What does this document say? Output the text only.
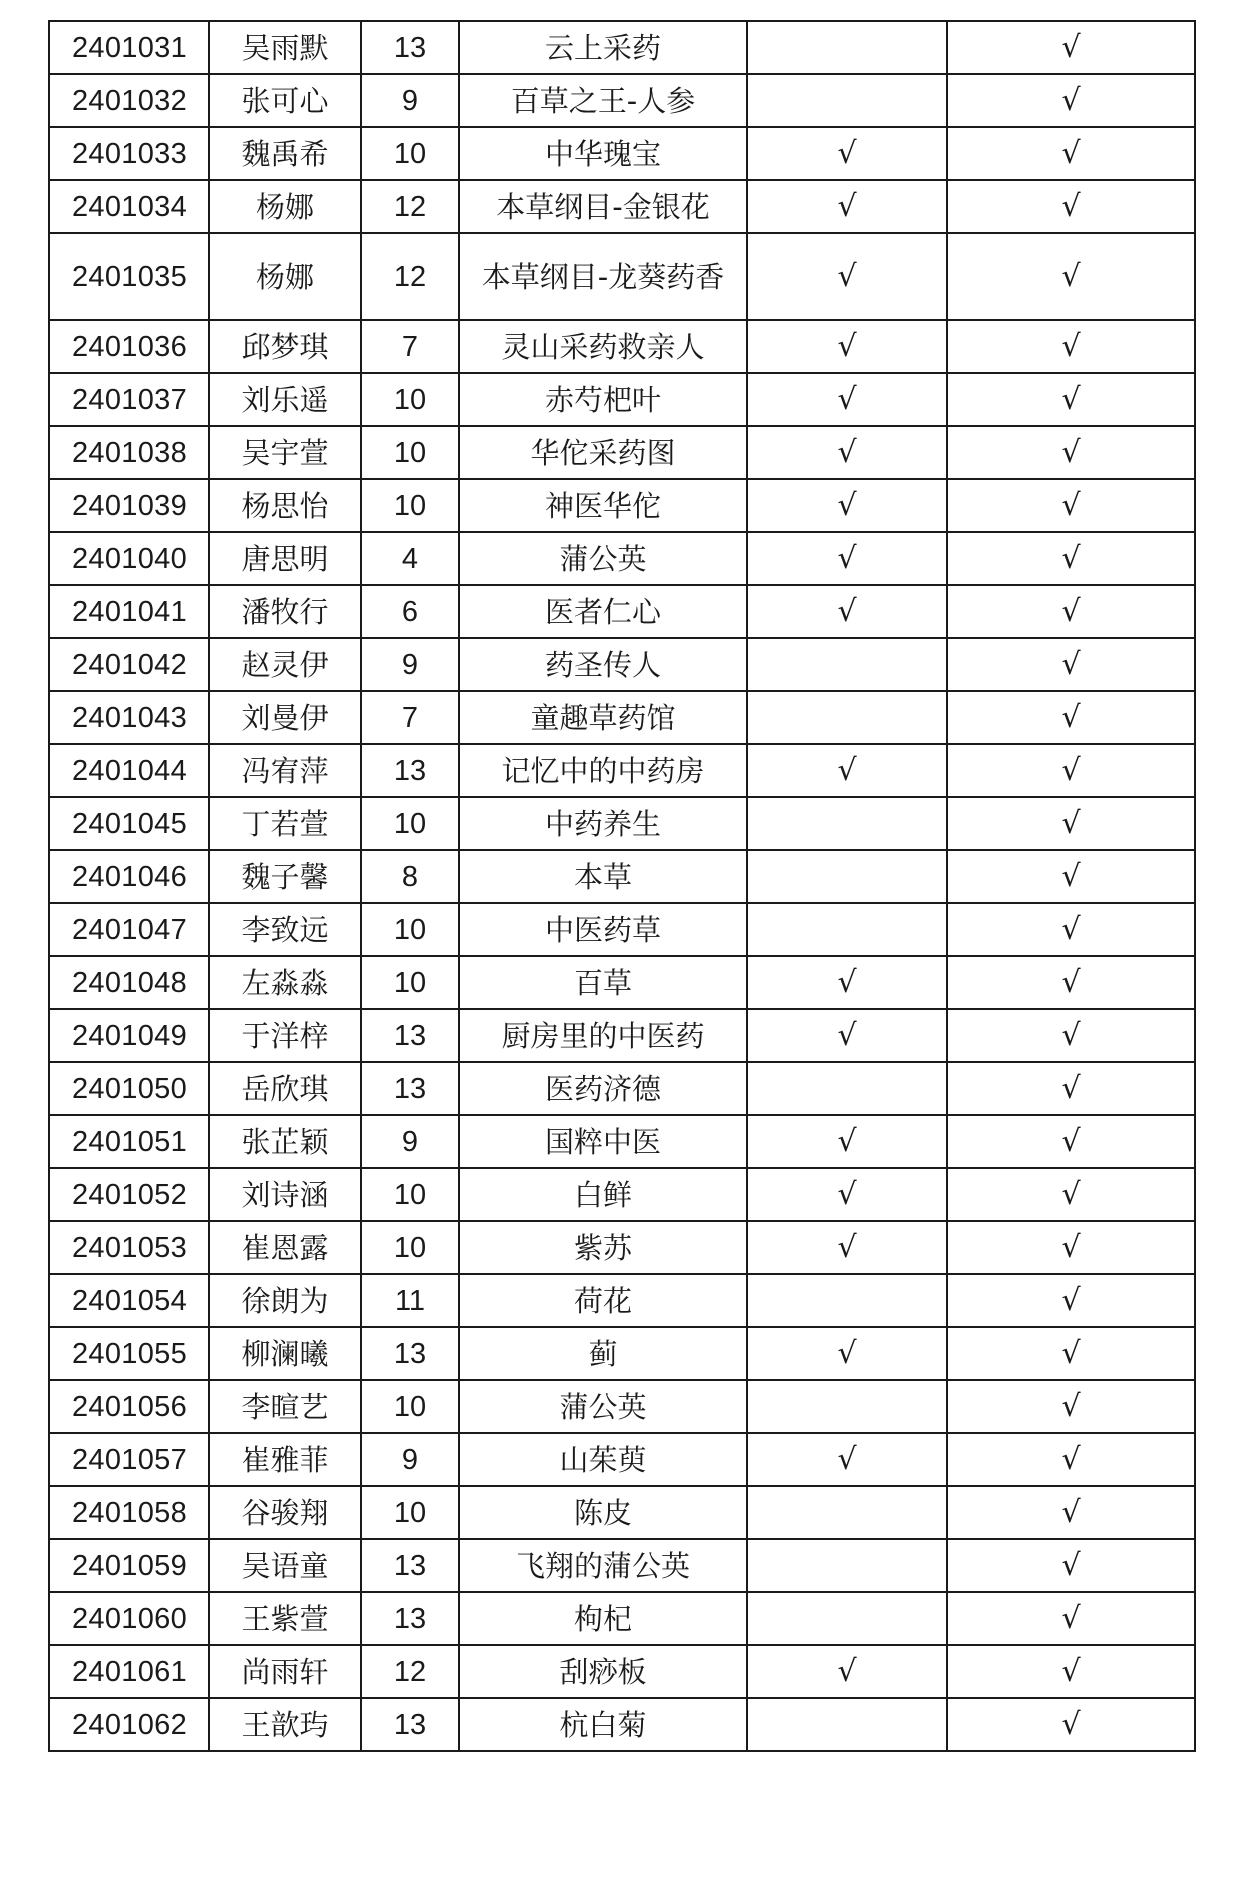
2401031	吴雨默	13	云上采药		√
2401032	张可心	9	百草之王-人参		√
2401033	魏禹希	10	中华瑰宝	√	√
2401034	杨娜	12	本草纲目-金银花	√	√
2401035	杨娜	12	本草纲目-龙葵药香	√	√
2401036	邱梦琪	7	灵山采药救亲人	√	√
2401037	刘乐遥	10	赤芍杷叶	√	√
2401038	吴宇萱	10	华佗采药图	√	√
2401039	杨思怡	10	神医华佗	√	√
2401040	唐思明	4	蒲公英	√	√
2401041	潘牧行	6	医者仁心	√	√
2401042	赵灵伊	9	药圣传人		√
2401043	刘曼伊	7	童趣草药馆		√
2401044	冯宥萍	13	记忆中的中药房	√	√
2401045	丁若萱	10	中药养生		√
2401046	魏子馨	8	本草		√
2401047	李致远	10	中医药草		√
2401048	左淼淼	10	百草	√	√
2401049	于洋梓	13	厨房里的中医药	√	√
2401050	岳欣琪	13	医药济德		√
2401051	张芷颖	9	国粹中医	√	√
2401052	刘诗涵	10	白鲜	√	√
2401053	崔恩露	10	紫苏	√	√
2401054	徐朗为	11	荷花		√
2401055	柳澜曦	13	蓟	√	√
2401056	李暄艺	10	蒲公英		√
2401057	崔雅菲	9	山茱萸	√	√
2401058	谷骏翔	10	陈皮		√
2401059	吴语童	13	飞翔的蒲公英		√
2401060	王紫萱	13	枸杞		√
2401061	尚雨轩	12	刮痧板	√	√
2401062	王歆玙	13	杭白菊		√
